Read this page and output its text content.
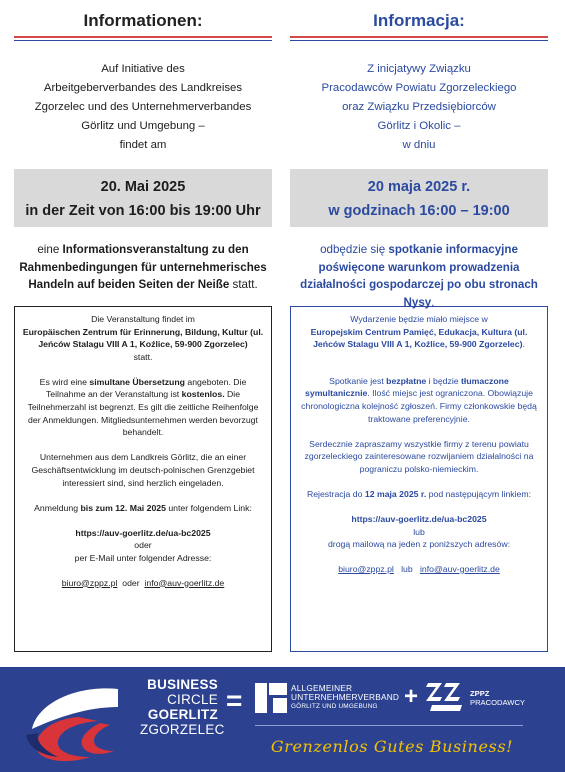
Informationen:
Auf Initiative des
Arbeitgeberverbandes des Landkreises
Zgorzelec und des Unternehmerverbandes
Görlitz und Umgebung –
findet am
20. Mai 2025
in der Zeit von 16:00 bis 19:00 Uhr
eine Informationsveranstaltung zu den Rahmenbedingungen für unternehmerisches Handeln auf beiden Seiten der Neiße statt.

Die Veranstaltung findet im
Europäischen Zentrum für Erinnerung, Bildung, Kultur (ul. Jeńców Stalagu VIII A 1, Koźlice, 59-900 Zgorzelec)
statt.

Es wird eine simultane Übersetzung angeboten. Die Teilnahme an der Veranstaltung ist kostenlos. Die Teilnehmerzahl ist begrenzt. Es gilt die zeitliche Reihenfolge der Anmeldungen. Mitgliedsunternehmen werden bevorzugt behandelt.

Unternehmen aus dem Landkreis Görlitz, die an einer Geschäftsentwicklung im deutsch-polnischen Grenzgebiet interessiert sind, sind herzlich eingeladen.

Anmeldung bis zum 12. Mai 2025 unter folgendem Link:

https://auv-goerlitz.de/ua-bc2025
oder
per E-Mail unter folgender Adresse:

biuro@zppz.pl oder info@auv-goerlitz.de

Informacja:
Z inicjatywy Związku
Pracodawców Powiatu Zgorzeleckiego
oraz Związku Przedsiębiorców
Görlitz i Okolic –
w dniu
20 maja 2025 r.
w godzinach 16:00 – 19:00
odbędzie się spotkanie informacyjne poświęcone warunkom prowadzenia działalności gospodarczej po obu stronach Nysy.

Wydarzenie będzie miało miejsce w
Europejskim Centrum Pamięć, Edukacja, Kultura (ul. Jeńców Stalagu VIII A 1, Koźlice, 59-900 Zgorzelec).

Spotkanie jest bezpłatne i będzie tłumaczone symultanicznie. Ilość miejsc jest ograniczona. Obowiązuje chronologiczna kolejność zgłoszeń. Firmy członkowskie będą traktowane preferencyjnie.

Serdecznie zapraszamy wszystkie firmy z terenu powiatu zgorzeleckiego zainteresowane rozwijaniem działalności na pograniczu polsko-niemieckim.

Rejestracja do 12 maja 2025 r. pod następującym linkiem:

https://auv-goerlitz.de/ua-bc2025
lub
drogą mailową na jeden z poniższych adresów:

biuro@zppz.pl lub info@auv-goerlitz.de

BUSINESS
CIRCLE
GOERLITZ
ZGORZELEC
=	ALLGEMEINER
UNTERNEHMERVERBAND
GÖRLITZ UND UMGEBUNG	+	ZPPZ
PRACODAWCY
Grenzenlos Gutes Business!
